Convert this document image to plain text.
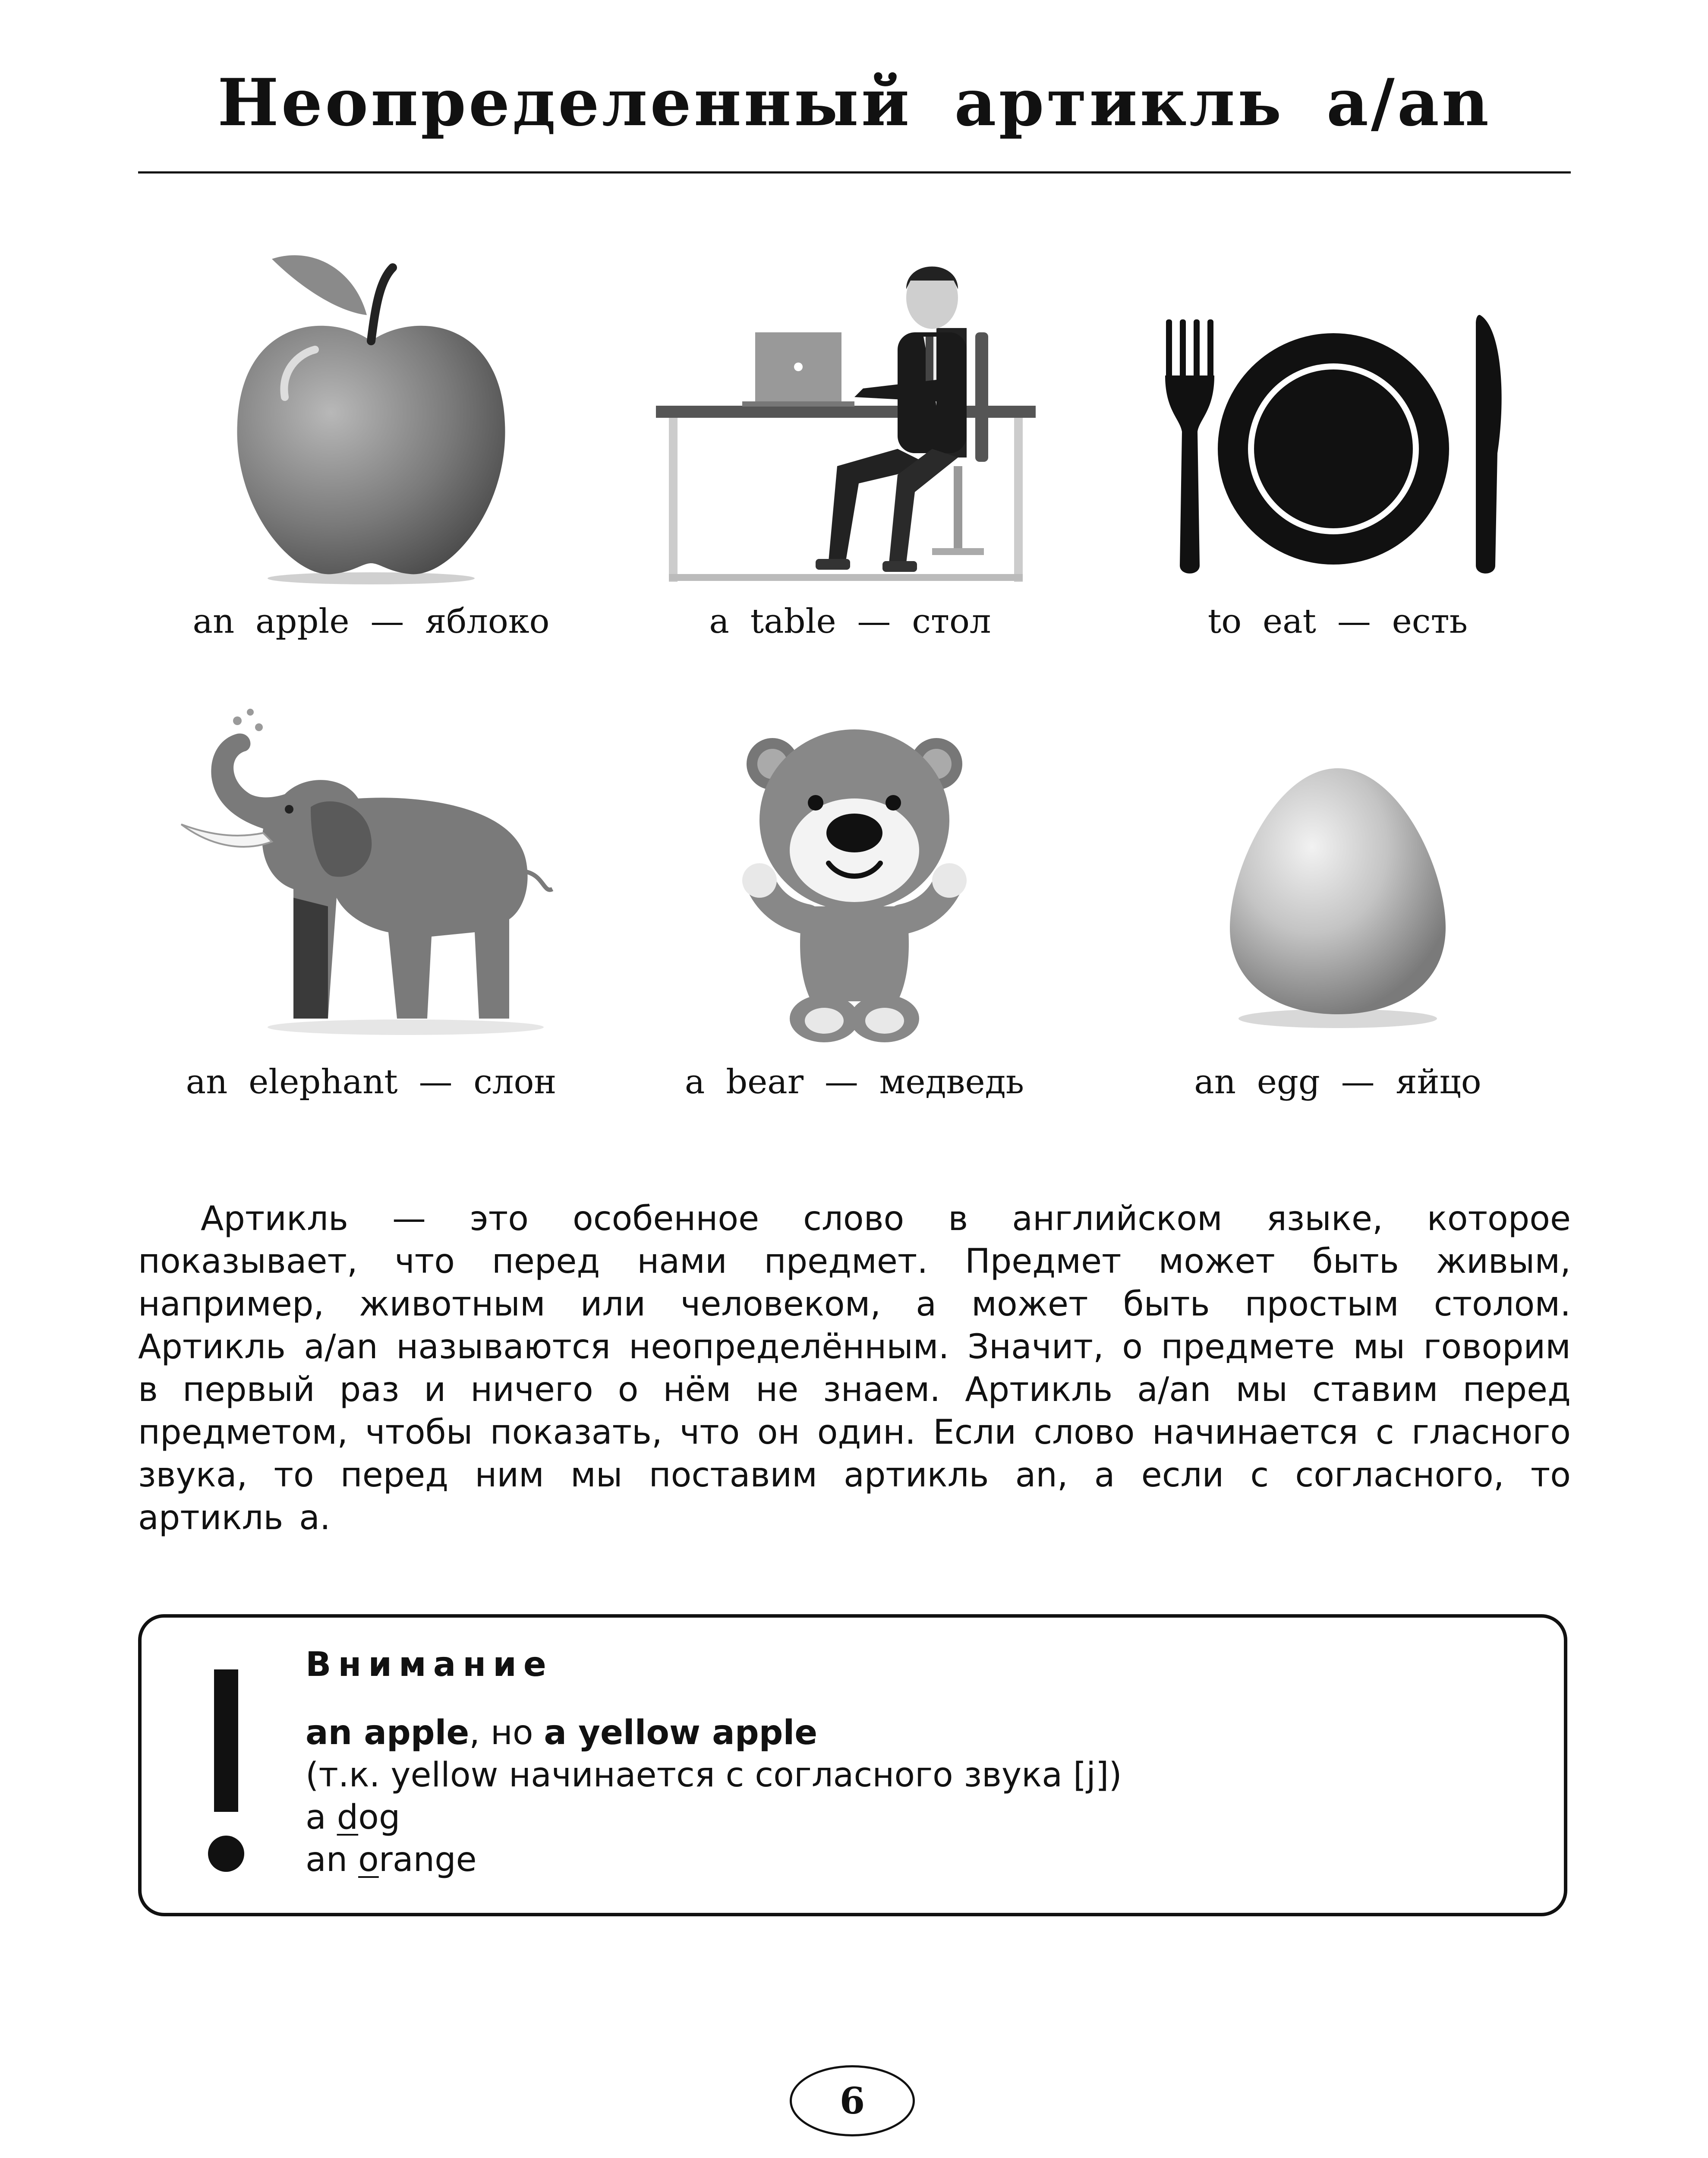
Неопределенный артикль a/an
an apple — яблоко	a table — стол	to eat — есть
an elephant — слон	a bear — медведь	an egg — яйцо
Артикль — это особенное слово в английском языке, которое показывает, что перед нами предмет. Предмет может быть живым, например, животным или человеком, а может быть простым столом. Артикль a/an называются неопределённым. Значит, о предмете мы говорим в первый раз и ничего о нём не знаем. Артикль a/an мы ставим перед предметом, чтобы показать, что он один. Если слово начинается с гласного звука, то перед ним мы поставим артикль an, а если с согласного, то артикль a.
Внимание
an apple, но a yellow apple
(т.к. yellow начинается с согласного звука [j])
a dog
an orange
6
